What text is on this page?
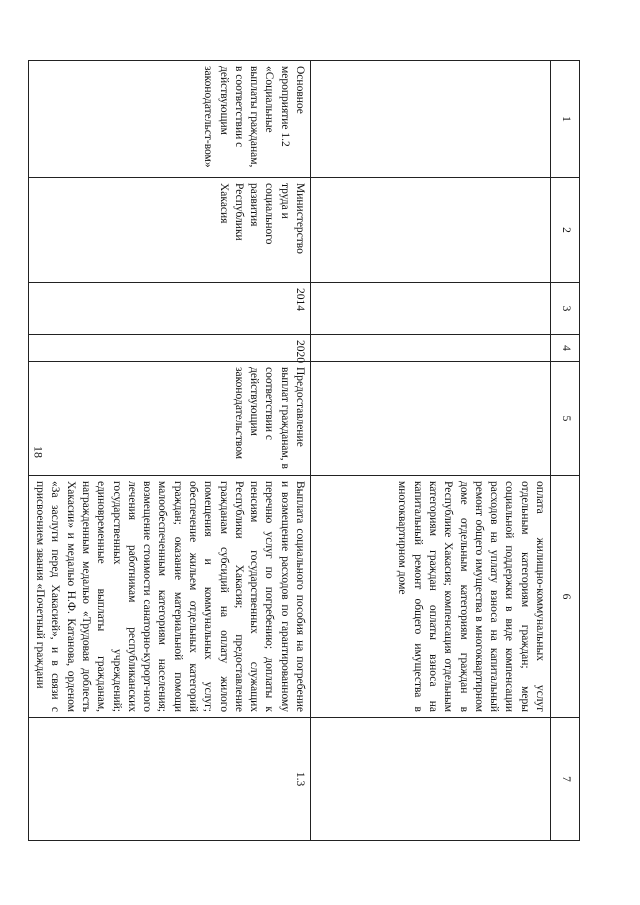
18
1	2	3	4	5	6	7
					оплата жилищно-коммунальных услуг отдельным категориям граждан; меры социальной поддержки в виде компенсации расходов на уплату взноса на капитальный ремонт общего имущества в многоквартирном доме отдельным категориям граждан в Республике Хакасия; компенсация отдельным категориям граждан оплаты взноса на капитальный ремонт общего имущества в многоквартирном доме	
Основное мероприятие 1.2 «Социальные выплаты гражданам, в соответствии с действующим законодательст-вом»	Министерство труда и социального развития Республики Хакасия	2014	2020	Предоставление выплат гражданам, в соответствии с действующим законодательством	Выплата социального пособия на погребение и возмещение расходов по гарантированному перечню услуг по погребению; доплаты к пенсиям государственных служащих Республики Хакасия; предоставление гражданам субсидий на оплату жилого помещения и коммунальных услуг; обеспечение жильем отдельных категорий граждан; оказание материальной помощи малообеспеченным категориям населения; возмещение стоимости санаторно-курорт-ного лечения работникам республиканских государственных учреждений; единовременные выплаты гражданам, награжденным медалью «Трудовая доблесть Хакасии» и медалью Н.Ф. Катанова, орденом «За заслуги перед Хакасией», и в связи с присвоением звания «Почетный граждани	1.3
